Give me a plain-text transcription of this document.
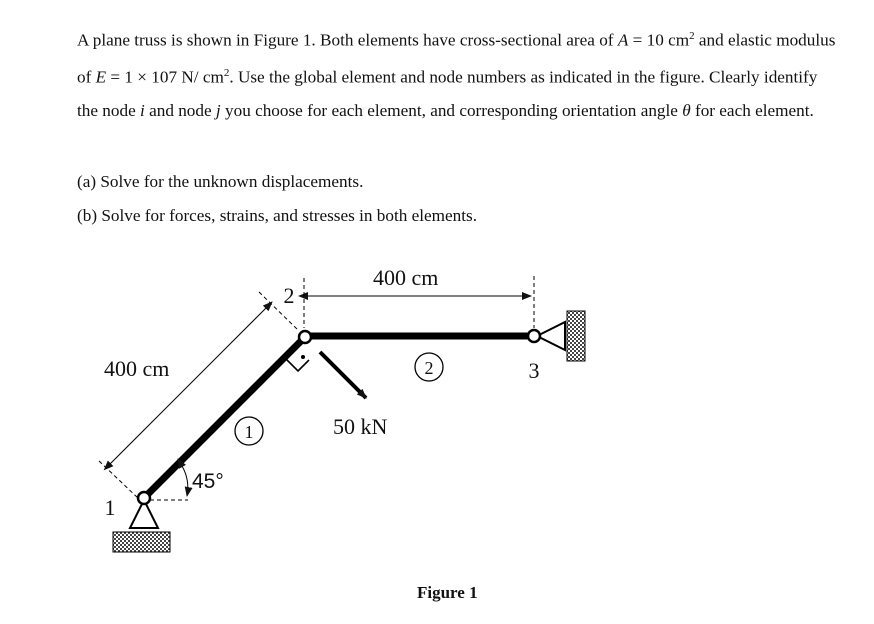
A plane truss is shown in Figure 1. Both elements have cross-sectional area of A = 10 $cm^2$ and elastic modulus of E = 1 × 107 N/ $cm^2$. Use the global element and node numbers as indicated in the figure. Clearly identify the node i and node j you choose for each element, and corresponding orientation angle θ for each element.

(a) Solve for the unknown displacements.

(b) Solve for forces, strains, and stresses in both elements.

1
2
1
2
3
400 cm
400 cm
50 kN
45°
Figure 1
